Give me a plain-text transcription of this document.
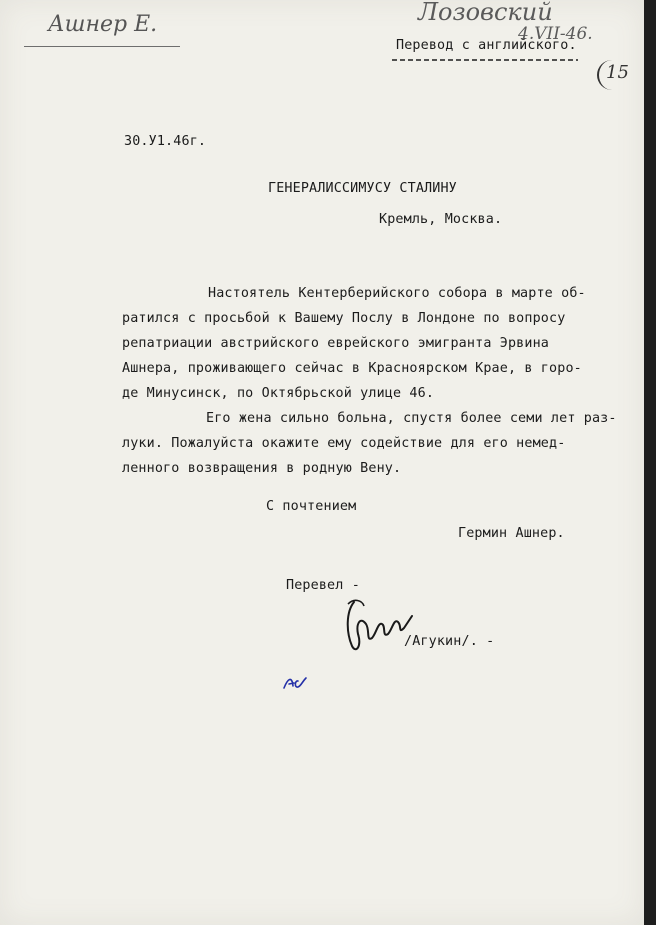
Ашнер Е.	Лозовский
4.VII-46.
Перевод с английского.
15
30.У1.46г.
ГЕНЕРАЛИССИМУСУ СТАЛИНУ
Кремль, Москва.
Настоятель Кентерберийского собора в марте об-
ратился с просьбой к Вашему Послу в Лондоне по вопросу
репатриации австрийского еврейского эмигранта Эрвина
Ашнера, проживающего сейчас в Красноярском Крае, в горо-
де Минусинск, по Октябрьской улице 46.
Его жена сильно больна, спустя более семи лет раз-
луки. Пожалуйста окажите ему содействие для его немед-
ленного возвращения в родную Вену.
С почтением
Гермин Ашнер.
Перевел -
/Агукин/. -
